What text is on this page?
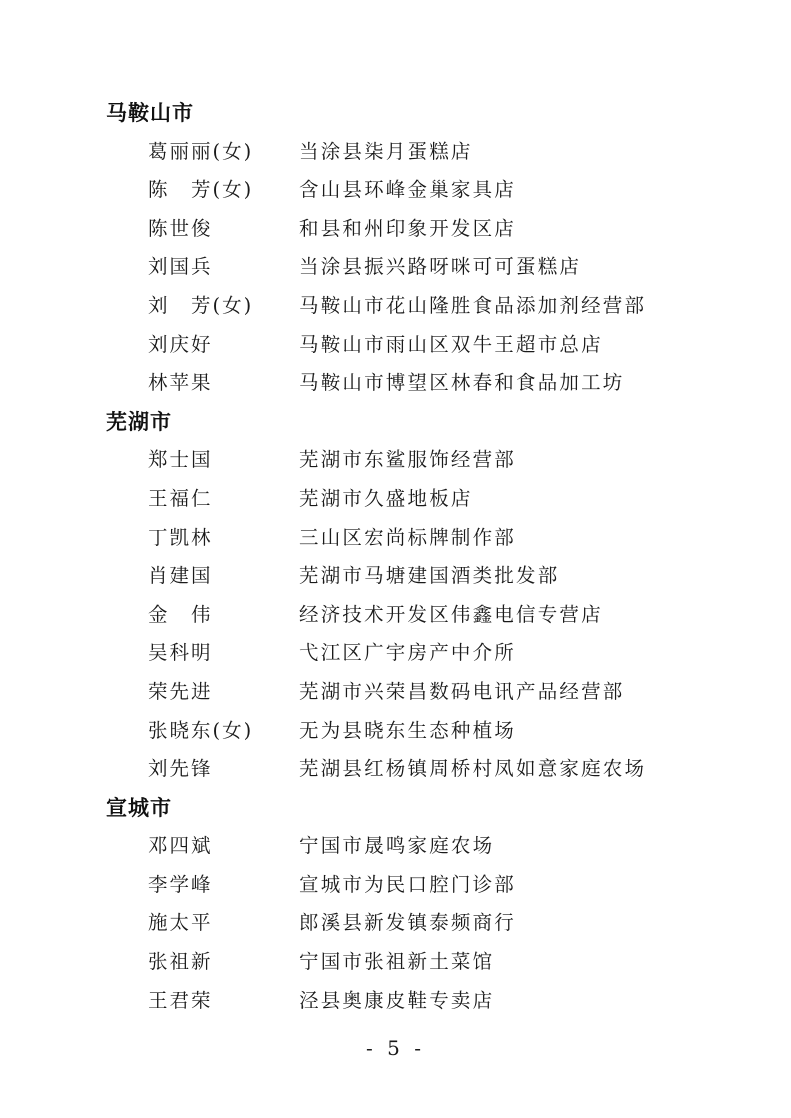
马鞍山市
葛丽丽(女) 当涂县柒月蛋糕店
陈　芳(女) 含山县环峰金巢家具店
陈世俊	和县和州印象开发区店
刘国兵	当涂县振兴路呀咪可可蛋糕店
刘　芳(女) 马鞍山市花山隆胜食品添加剂经营部
刘庆好	马鞍山市雨山区双牛王超市总店
林苹果	马鞍山市博望区林春和食品加工坊
芜湖市
郑士国	芜湖市东鲨服饰经营部
王福仁	芜湖市久盛地板店
丁凯林	三山区宏尚标牌制作部
肖建国	芜湖市马塘建国酒类批发部
金　伟	经济技术开发区伟鑫电信专营店
吴科明	弋江区广宇房产中介所
荣先进	芜湖市兴荣昌数码电讯产品经营部
张晓东(女) 无为县晓东生态种植场
刘先锋	芜湖县红杨镇周桥村凤如意家庭农场
宣城市
邓四斌	宁国市晟鸣家庭农场
李学峰	宣城市为民口腔门诊部
施太平	郎溪县新发镇泰频商行
张祖新	宁国市张祖新土菜馆
王君荣	泾县奥康皮鞋专卖店
- 5 -
